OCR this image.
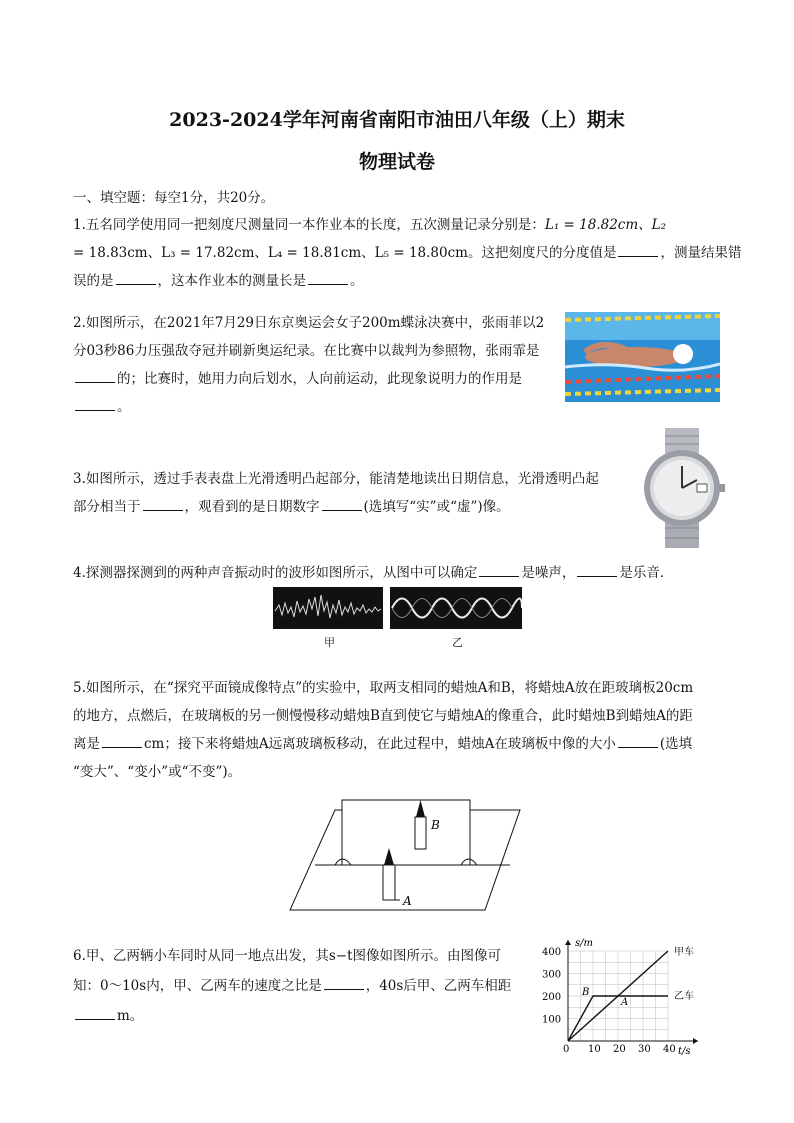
2023-2024学年河南省南阳市油田八年级（上）期末
物理试卷
一、填空题：每空1分，共20分。
1.五名同学使用同一把刻度尺测量同一本作业本的长度，五次测量记录分别是：L₁ = 18.82cm、L₂
= 18.83cm、L₃ = 17.82cm、L₄ = 18.81cm、L₅ = 18.80cm。这把刻度尺的分度值是	，测量结果错
误的是	，这本作业本的测量长是	。
2.如图所示，在2021年7月29日东京奥运会女子200m蝶泳决赛中，张雨菲以2
分03秒86力压强敌夺冠并刷新奥运纪录。在比赛中以裁判为参照物，张雨霏是
的；比赛时，她用力向后划水，人向前运动，此现象说明力的作用是
。
3.如图所示，透过手表表盘上光滑透明凸起部分，能清楚地读出日期信息，光滑透明凸起
部分相当于	，观看到的是日期数字	(选填写“实”或“虚”)像。
4.探测器探测到的两种声音振动时的波形如图所示，从图中可以确定	是噪声，	是乐音．
甲	乙
5.如图所示，在“探究平面镜成像特点”的实验中，取两支相同的蜡烛A和B，将蜡烛A放在距玻璃板20cm
的地方，点燃后，在玻璃板的另一侧慢慢移动蜡烛B直到使它与蜡烛A的像重合，此时蜡烛B到蜡烛A的距
离是	cm；接下来将蜡烛A远离玻璃板移动，在此过程中，蜡烛A在玻璃板中像的大小	(选填
“变大”、“变小”或“不变”)。
B
A
6.甲、乙两辆小车同时从同一地点出发，其s−t图像如图所示。由图像可
知：0～10s内，甲、乙两车的速度之比是	，40s后甲、乙两车相距
m。
10 20 30 40
100
200
300
400
s/m
t/s
0
甲车
乙车
B
A
